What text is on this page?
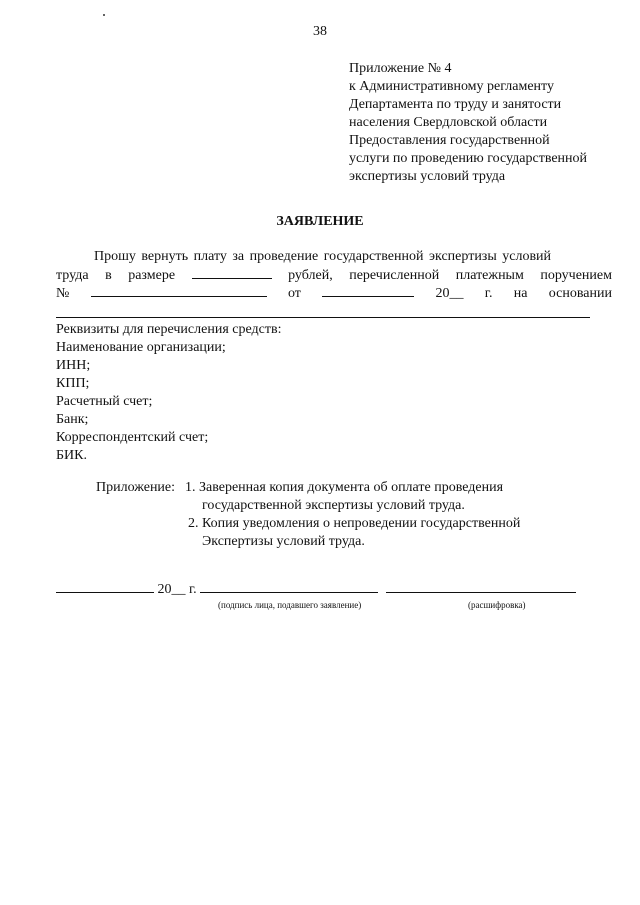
38
Приложение № 4
к Административному регламенту
Департамента по труду и занятости
населения Свердловской области
Предоставления государственной
услуги по проведению государственной
экспертизы условий труда
ЗАЯВЛЕНИЕ
Прошу вернуть плату за проведение государственной экспертизы условий
труда в размере	рублей, перечисленной платежным поручением
№	от	20__ г. на основании
Реквизиты для перечисления средств:
Наименование организации;
ИНН;
КПП;
Расчетный счет;
Банк;
Корреспондентский счет;
БИК.
Приложение: 1. Заверенная копия документа об оплате проведения
государственной экспертизы условий труда.
2. Копия уведомления о непроведении государственной
Экспертизы условий труда.
20__ г.
(подпись лица, подавшего заявление)	(расшифровка)
